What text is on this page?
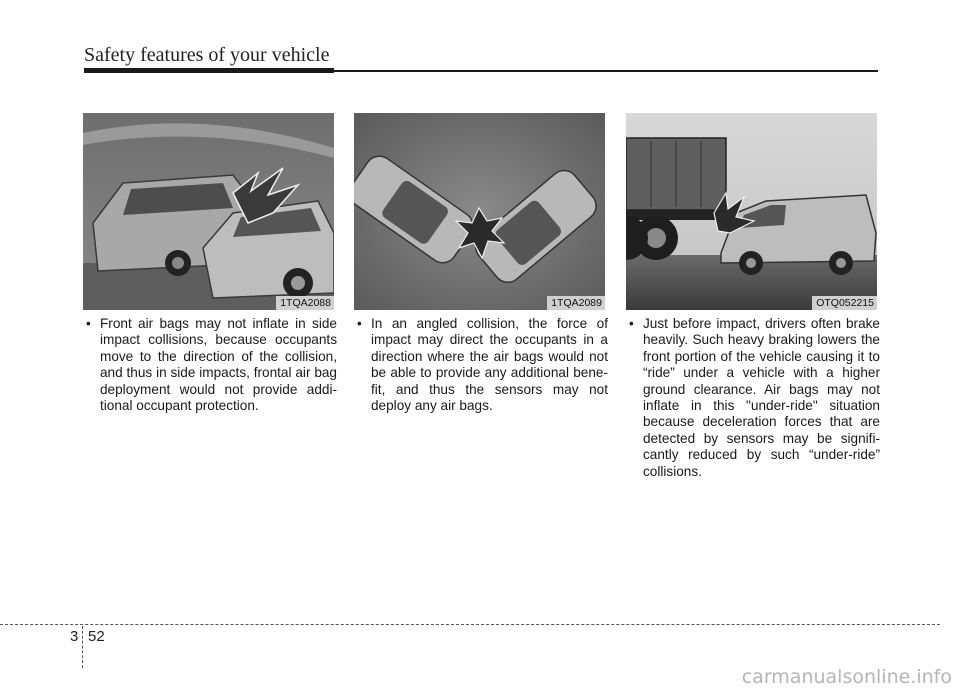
Safety features of your vehicle
1TQA2088	1TQA2089	OTQ052215
• Front air bags may not inflate in side impact collisions, because occupants move to the direction of the collision, and thus in side impacts, frontal air bag deployment would not provide addi-tional occupant protection.
• In an angled collision, the force of impact may direct the occupants in a direction where the air bags would not be able to provide any additional bene-fit, and thus the sensors may not deploy any air bags.
• Just before impact, drivers often brake heavily. Such heavy braking lowers the front portion of the vehicle causing it to “ride” under a vehicle with a higher ground clearance. Air bags may not inflate in this "under-ride" situation because deceleration forces that are detected by sensors may be signifi-cantly reduced by such “under-ride” collisions.
3 52
carmanualsonline.info
